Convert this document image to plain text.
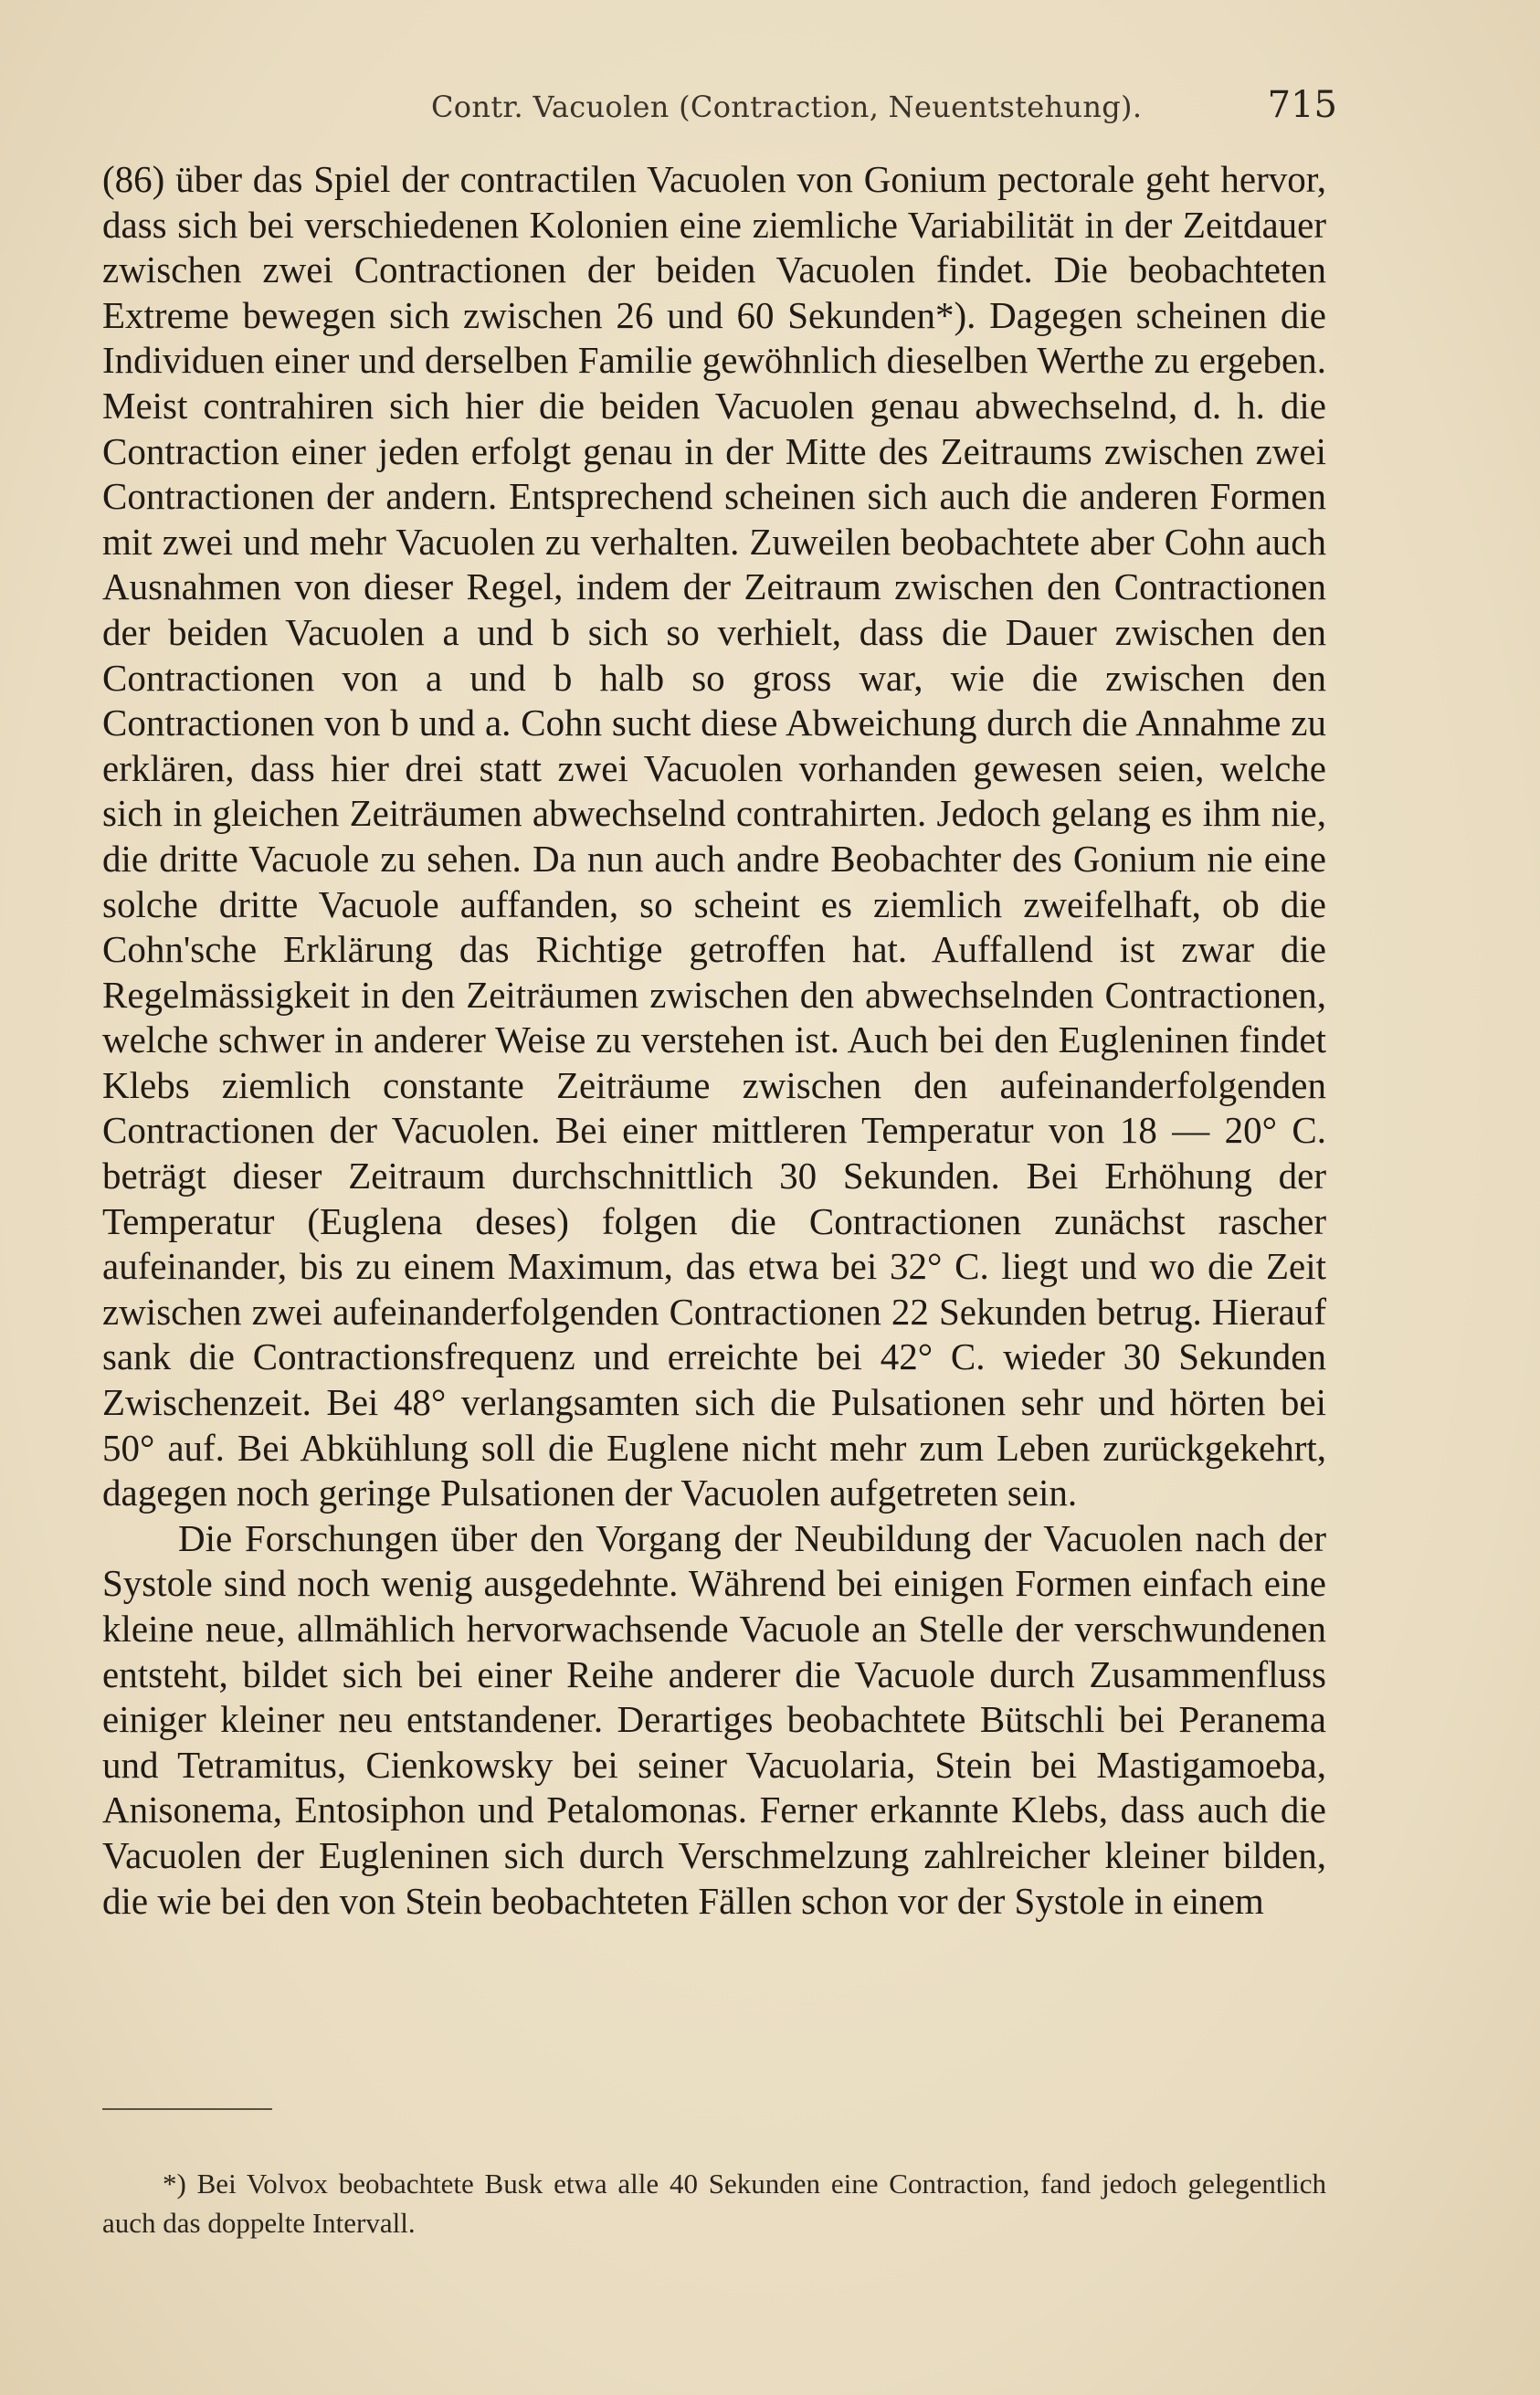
Contr. Vacuolen (Contraction, Neuentstehung).	715

(86) über das Spiel der contractilen Vacuolen von Gonium pectorale geht hervor, dass sich bei verschiedenen Kolonien eine ziemliche Variabilität in der Zeitdauer zwischen zwei Contractionen der beiden Vacuolen findet. Die beobachteten Extreme bewegen sich zwischen 26 und 60 Sekunden*). Dagegen scheinen die Individuen einer und derselben Familie gewöhnlich dieselben Werthe zu ergeben. Meist contrahiren sich hier die beiden Vacuolen genau abwechselnd, d. h. die Contraction einer jeden erfolgt genau in der Mitte des Zeitraums zwischen zwei Contractionen der andern. Entsprechend scheinen sich auch die anderen Formen mit zwei und mehr Vacuolen zu verhalten. Zuweilen beobachtete aber Cohn auch Ausnahmen von dieser Regel, indem der Zeitraum zwischen den Contractionen der beiden Vacuolen a und b sich so verhielt, dass die Dauer zwischen den Contractionen von a und b halb so gross war, wie die zwischen den Contractionen von b und a. Cohn sucht diese Abweichung durch die Annahme zu erklären, dass hier drei statt zwei Vacuolen vorhanden gewesen seien, welche sich in gleichen Zeiträumen abwechselnd contrahirten. Jedoch gelang es ihm nie, die dritte Vacuole zu sehen. Da nun auch andre Beobachter des Gonium nie eine solche dritte Vacuole auffanden, so scheint es ziemlich zweifelhaft, ob die Cohn'sche Erklärung das Richtige getroffen hat. Auffallend ist zwar die Regelmässigkeit in den Zeiträumen zwischen den abwechselnden Contractionen, welche schwer in anderer Weise zu verstehen ist. Auch bei den Eugleninen findet Klebs ziemlich constante Zeiträume zwischen den aufeinanderfolgenden Contractionen der Vacuolen. Bei einer mittleren Temperatur von 18 — 20° C. beträgt dieser Zeitraum durchschnittlich 30 Sekunden. Bei Erhöhung der Temperatur (Euglena deses) folgen die Contractionen zunächst rascher aufeinander, bis zu einem Maximum, das etwa bei 32° C. liegt und wo die Zeit zwischen zwei aufeinanderfolgenden Contractionen 22 Sekunden betrug. Hierauf sank die Contractionsfrequenz und erreichte bei 42° C. wieder 30 Sekunden Zwischenzeit. Bei 48° verlangsamten sich die Pulsationen sehr und hörten bei 50° auf. Bei Abkühlung soll die Euglene nicht mehr zum Leben zurückgekehrt, dagegen noch geringe Pulsationen der Vacuolen aufgetreten sein.

Die Forschungen über den Vorgang der Neubildung der Vacuolen nach der Systole sind noch wenig ausgedehnte. Während bei einigen Formen einfach eine kleine neue, allmählich hervorwachsende Vacuole an Stelle der verschwundenen entsteht, bildet sich bei einer Reihe anderer die Vacuole durch Zusammenfluss einiger kleiner neu entstandener. Derartiges beobachtete Bütschli bei Peranema und Tetramitus, Cienkowsky bei seiner Vacuolaria, Stein bei Mastigamoeba, Anisonema, Entosiphon und Petalomonas. Ferner erkannte Klebs, dass auch die Vacuolen der Eugleninen sich durch Verschmelzung zahlreicher kleiner bilden, die wie bei den von Stein beobachteten Fällen schon vor der Systole in einem

*) Bei Volvox beobachtete Busk etwa alle 40 Sekunden eine Contraction, fand jedoch gelegentlich auch das doppelte Intervall.
